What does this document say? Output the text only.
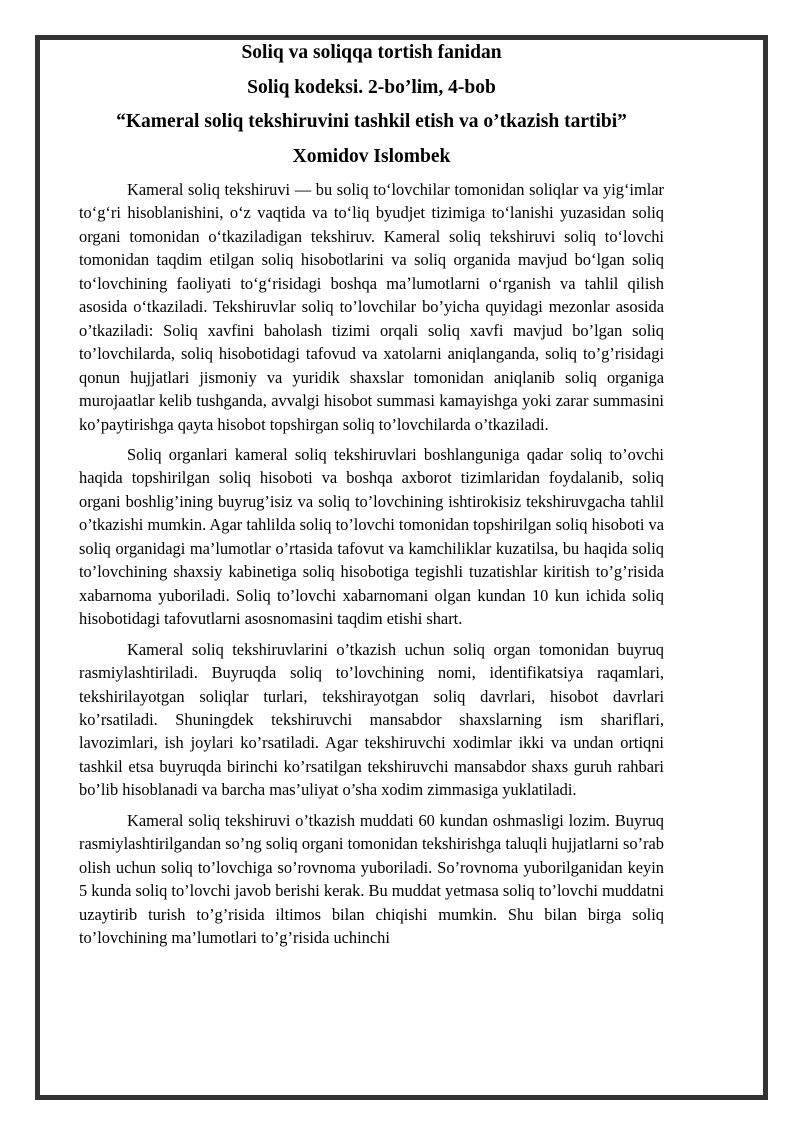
Soliq va soliqqa tortish fanidan

Soliq kodeksi. 2-bo’lim, 4-bob

“Kameral soliq tekshiruvini tashkil etish va o’tkazish tartibi”

Xomidov Islombek

Kameral soliq tekshiruvi — bu soliq toʻlovchilar tomonidan soliqlar va yigʻimlar toʻgʻri hisoblanishini, oʻz vaqtida va toʻliq byudjet tizimiga toʻlanishi yuzasidan soliq organi tomonidan oʻtkaziladigan tekshiruv. Kameral soliq tekshiruvi soliq toʻlovchi tomonidan taqdim etilgan soliq hisobotlarini va soliq organida mavjud boʻlgan soliq toʻlovchining faoliyati toʻgʻrisidagi boshqa maʼlumotlarni oʻrganish va tahlil qilish asosida oʻtkaziladi. Tekshiruvlar soliq to’lovchilar bo’yicha quyidagi mezonlar asosida o’tkaziladi: Soliq xavfini baholash tizimi orqali soliq xavfi mavjud bo’lgan soliq to’lovchilarda, soliq hisobotidagi tafovud va xatolarni aniqlanganda, soliq to’g’risidagi qonun hujjatlari jismoniy va yuridik shaxslar tomonidan aniqlanib soliq organiga murojaatlar kelib tushganda, avvalgi hisobot summasi kamayishga yoki zarar summasini ko’paytirishga qayta hisobot topshirgan soliq to’lovchilarda o’tkaziladi.

Soliq organlari kameral soliq tekshiruvlari boshlanguniga qadar soliq to’ovchi haqida topshirilgan soliq hisoboti va boshqa axborot tizimlaridan foydalanib, soliq organi boshlig’ining buyrug’isiz va soliq to’lovchining ishtirokisiz tekshiruvgacha tahlil o’tkazishi mumkin. Agar tahlilda soliq to’lovchi tomonidan topshirilgan soliq hisoboti va soliq organidagi ma’lumotlar o’rtasida tafovut va kamchiliklar kuzatilsa, bu haqida soliq to’lovchining shaxsiy kabinetiga soliq hisobotiga tegishli tuzatishlar kiritish to’g’risida xabarnoma yuboriladi. Soliq to’lovchi xabarnomani olgan kundan 10 kun ichida soliq hisobotidagi tafovutlarni asosnomasini taqdim etishi shart.

Kameral soliq tekshiruvlarini o’tkazish uchun soliq organ tomonidan buyruq rasmiylashtiriladi. Buyruqda soliq to’lovchining nomi, identifikatsiya raqamlari, tekshirilayotgan soliqlar turlari, tekshirayotgan soliq davrlari, hisobot davrlari ko’rsatiladi. Shuningdek tekshiruvchi mansabdor shaxslarning ism shariflari, lavozimlari, ish joylari ko’rsatiladi. Agar tekshiruvchi xodimlar ikki va undan ortiqni tashkil etsa buyruqda birinchi ko’rsatilgan tekshiruvchi mansabdor shaxs guruh rahbari bo’lib hisoblanadi va barcha mas’uliyat o’sha xodim zimmasiga yuklatiladi.

Kameral soliq tekshiruvi o’tkazish muddati 60 kundan oshmasligi lozim. Buyruq rasmiylashtirilgandan so’ng soliq organi tomonidan tekshirishga taluqli hujjatlarni so’rab olish uchun soliq to’lovchiga so’rovnoma yuboriladi. So’rovnoma yuborilganidan keyin 5 kunda soliq to’lovchi javob berishi kerak. Bu muddat yetmasa soliq to’lovchi muddatni uzaytirib turish to’g’risida iltimos bilan chiqishi mumkin. Shu bilan birga soliq to’lovchining ma’lumotlari to’g’risida uchinchi
